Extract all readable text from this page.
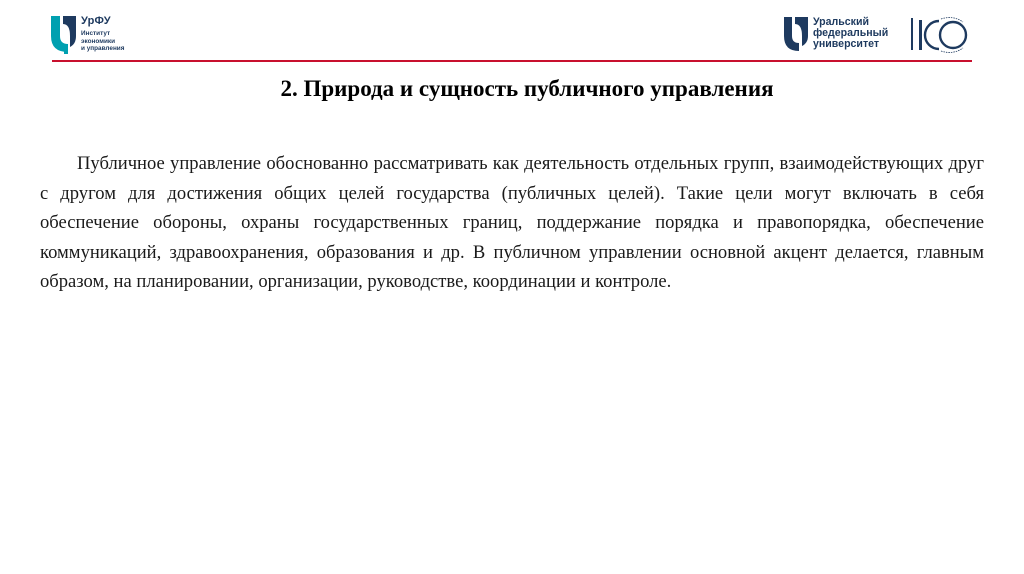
УрФУ
Институт
экономики
и управления
Уральский
федеральный
университет
2. Природа и сущность публичного управления

Публичное управление обоснованно рассматривать как деятельность отдельных групп, взаимодействующих друг с другом для достижения общих целей государства (публичных целей). Такие цели могут включать в себя обеспечение обороны, охраны государственных границ, поддержание порядка и правопорядка, обеспечение коммуникаций, здравоохранения, образования и др. В публичном управлении основной акцент делается, главным образом, на планировании, организации, руководстве, координации и контроле.
